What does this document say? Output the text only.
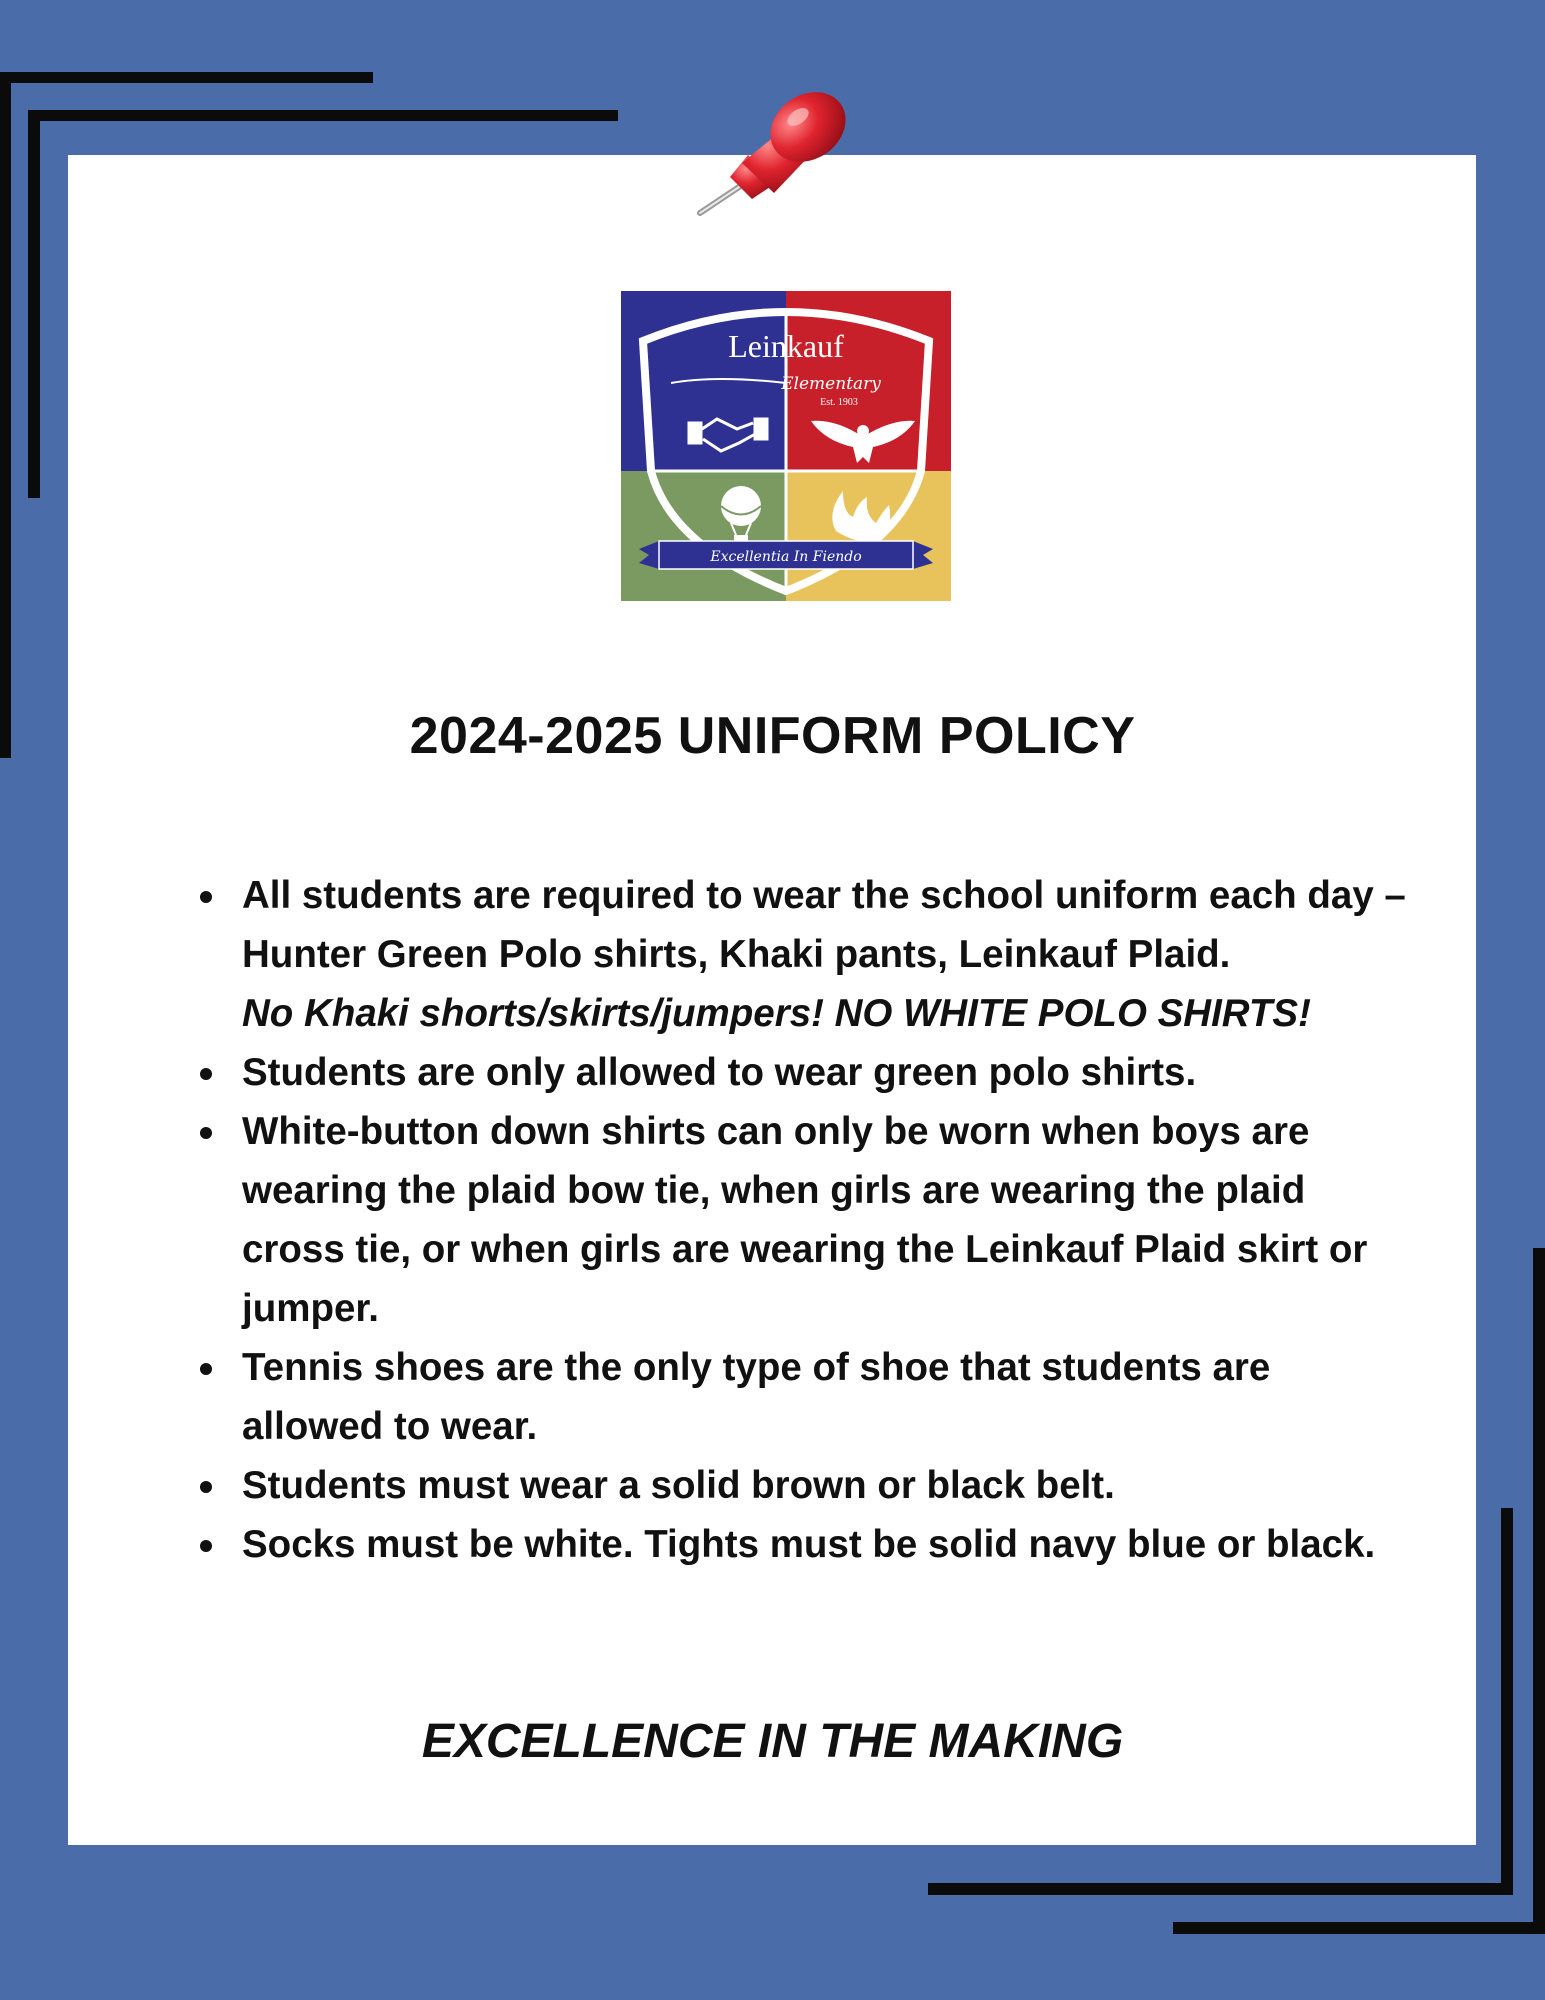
Leinkauf
Elementary
Est. 1903
Excellentia In Fiendo
2024-2025 UNIFORM POLICY
All students are required to wear the school uniform each day – Hunter Green Polo shirts, Khaki pants, Leinkauf Plaid.
No Khaki shorts/skirts/jumpers! NO WHITE POLO SHIRTS!
Students are only allowed to wear green polo shirts.
White-button down shirts can only be worn when boys are wearing the plaid bow tie, when girls are wearing the plaid cross tie, or when girls are wearing the Leinkauf Plaid skirt or jumper.
Tennis shoes are the only type of shoe that students are allowed to wear.
Students must wear a solid brown or black belt.
Socks must be white. Tights must be solid navy blue or black.
EXCELLENCE IN THE MAKING
